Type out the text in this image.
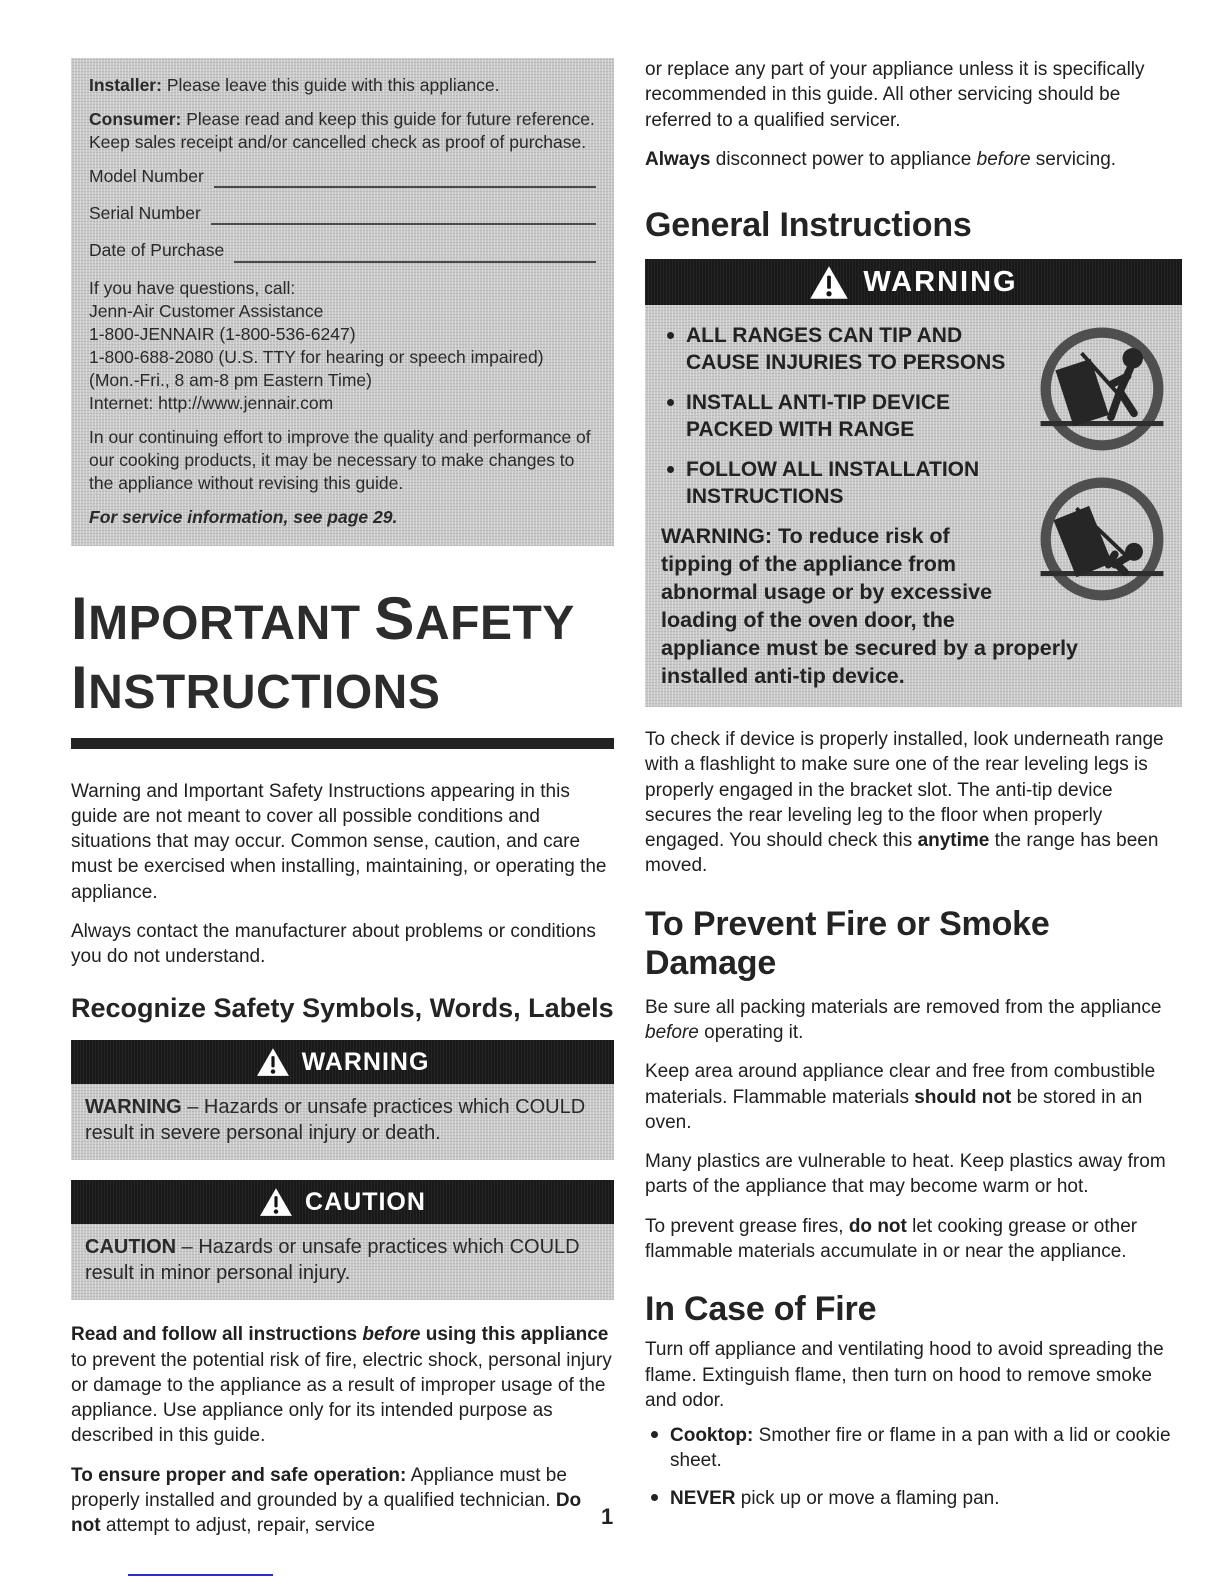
Installer: Please leave this guide with this appliance.

Consumer: Please read and keep this guide for future reference. Keep sales receipt and/or cancelled check as proof of purchase.

Model Number
Serial Number
Date of Purchase
If you have questions, call:
Jenn-Air Customer Assistance
1-800-JENNAIR (1-800-536-6247)
1-800-688-2080 (U.S. TTY for hearing or speech impaired)
(Mon.-Fri., 8 am-8 pm Eastern Time)
Internet: http://www.jennair.com

In our continuing effort to improve the quality and performance of our cooking products, it may be necessary to make changes to the appliance without revising this guide.

For service information, see page 29.

IMPORTANT SAFETY
INSTRUCTIONS

Warning and Important Safety Instructions appearing in this guide are not meant to cover all possible conditions and situations that may occur. Common sense, caution, and care must be exercised when installing, maintaining, or operating the appliance.

Always contact the manufacturer about problems or conditions you do not understand.

Recognize Safety Symbols, Words, Labels
WARNING
WARNING – Hazards or unsafe practices which COULD result in severe personal injury or death.
CAUTION
CAUTION – Hazards or unsafe practices which COULD result in minor personal injury.

Read and follow all instructions before using this appliance to prevent the potential risk of fire, electric shock, personal injury or damage to the appliance as a result of improper usage of the appliance. Use appliance only for its intended purpose as described in this guide.

To ensure proper and safe operation: Appliance must be properly installed and grounded by a qualified technician. Do not attempt to adjust, repair, service

or replace any part of your appliance unless it is specifically recommended in this guide. All other servicing should be referred to a qualified servicer.

Always disconnect power to appliance before servicing.

General Instructions
WARNING
ALL RANGES CAN TIP AND CAUSE INJURIES TO PERSONS
INSTALL ANTI-TIP DEVICE PACKED WITH RANGE
FOLLOW ALL INSTALLATION INSTRUCTIONS

WARNING: To reduce risk of tipping of the appliance from abnormal usage or by excessive loading of the oven door, the appliance must be secured by a properly installed anti-tip device.

To check if device is properly installed, look underneath range with a flashlight to make sure one of the rear leveling legs is properly engaged in the bracket slot. The anti-tip device secures the rear leveling leg to the floor when properly engaged. You should check this anytime the range has been moved.

To Prevent Fire or Smoke Damage

Be sure all packing materials are removed from the appliance before operating it.

Keep area around appliance clear and free from combustible materials. Flammable materials should not be stored in an oven.

Many plastics are vulnerable to heat. Keep plastics away from parts of the appliance that may become warm or hot.

To prevent grease fires, do not let cooking grease or other flammable materials accumulate in or near the appliance.

In Case of Fire

Turn off appliance and ventilating hood to avoid spreading the flame. Extinguish flame, then turn on hood to remove smoke and odor.

Cooktop: Smother fire or flame in a pan with a lid or cookie sheet.
NEVER pick up or move a flaming pan.
1
